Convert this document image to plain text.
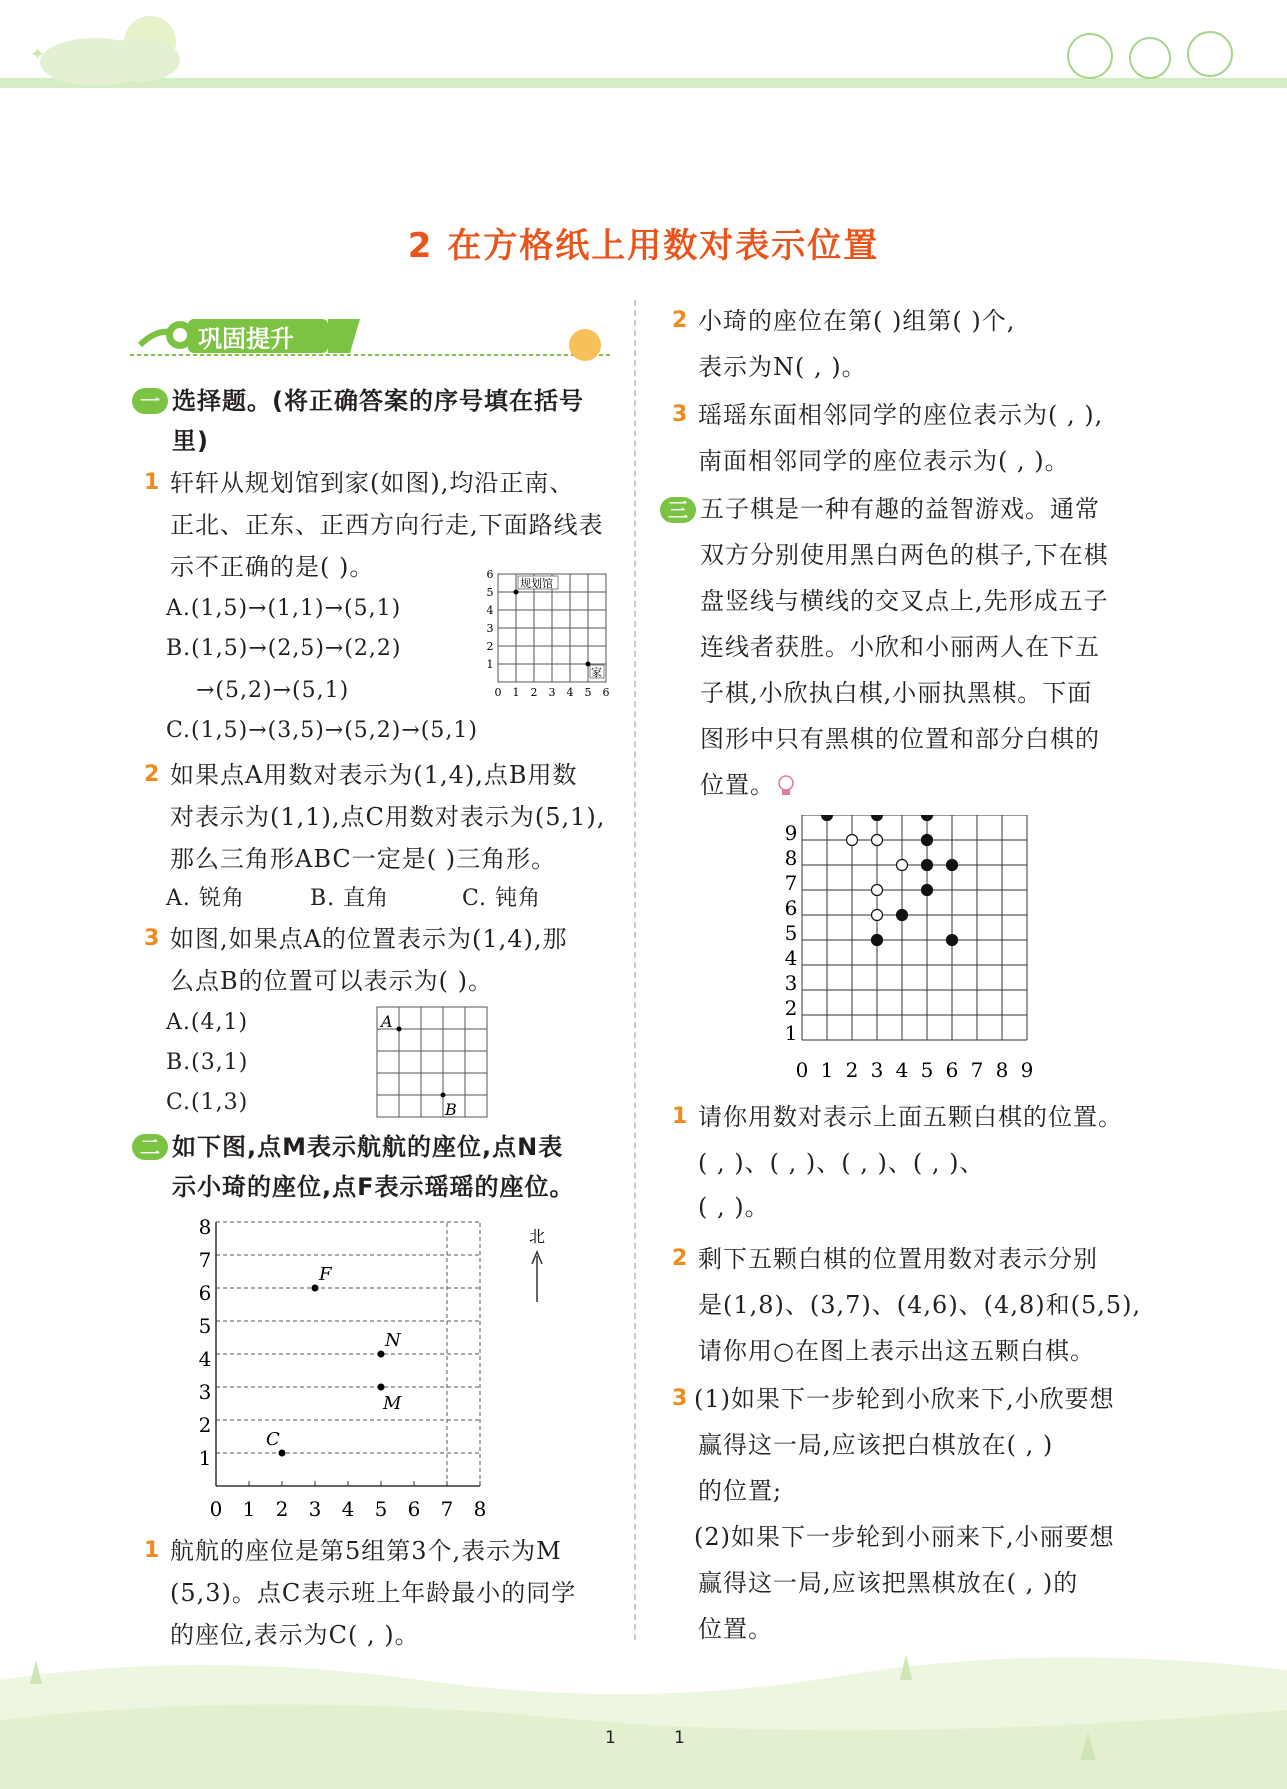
✦
2 在方格纸上用数对表示位置
巩固提升
一 选择题。(将正确答案的序号填在括号
里)
1 轩轩从规划馆到家(如图),均沿正南、
正北、正东、正西方向行走,下面路线表
示不正确的是( )。
A.(1,5)→(1,1)→(5,1)
B.(1,5)→(2,5)→(2,2)
→(5,2)→(5,1)
C.(1,5)→(3,5)→(5,2)→(5,1)
规划馆
家
0 1 2 3 4 5 6
1
2
3
4
5
6
2 如果点A用数对表示为(1,4),点B用数
对表示为(1,1),点C用数对表示为(5,1),
那么三角形ABC一定是( )三角形。
A. 锐角	B. 直角	C. 钝角
3 如图,如果点A的位置表示为(1,4),那
么点B的位置可以表示为( )。
A.(4,1)
B.(3,1)
C.(1,3)
A
B
二 如下图,点M表示航航的座位,点N表
示小琦的座位,点F表示瑶瑶的座位。
F
N
M
C
0 1 2 3 4 5 6 7 8
1
2
3
4
5
6
7
8	北
1 航航的座位是第5组第3个,表示为M
(5,3)。点C表示班上年龄最小的同学
的座位,表示为C( , )。
2 小琦的座位在第( )组第( )个,
表示为N( , )。
3 瑶瑶东面相邻同学的座位表示为( , ),
南面相邻同学的座位表示为( , )。
三 五子棋是一种有趣的益智游戏。通常
双方分别使用黑白两色的棋子,下在棋
盘竖线与横线的交叉点上,先形成五子
连线者获胜。小欣和小丽两人在下五
子棋,小欣执白棋,小丽执黑棋。下面
图形中只有黑棋的位置和部分白棋的
位置。
0 1 2 3 4 5 6 7 8 9
1
2
3
4
5
6
7
8
9
1 请你用数对表示上面五颗白棋的位置。
( , )、( , )、( , )、( , )、
( , )。
2 剩下五颗白棋的位置用数对表示分别
是(1,8)、(3,7)、(4,6)、(4,8)和(5,5),
请你用○在图上表示出这五颗白棋。
3 (1)如果下一步轮到小欣来下,小欣要想
赢得这一局,应该把白棋放在( , )
的位置;
(2)如果下一步轮到小丽来下,小丽要想
赢得这一局,应该把黑棋放在( , )的
位置。
1	1
